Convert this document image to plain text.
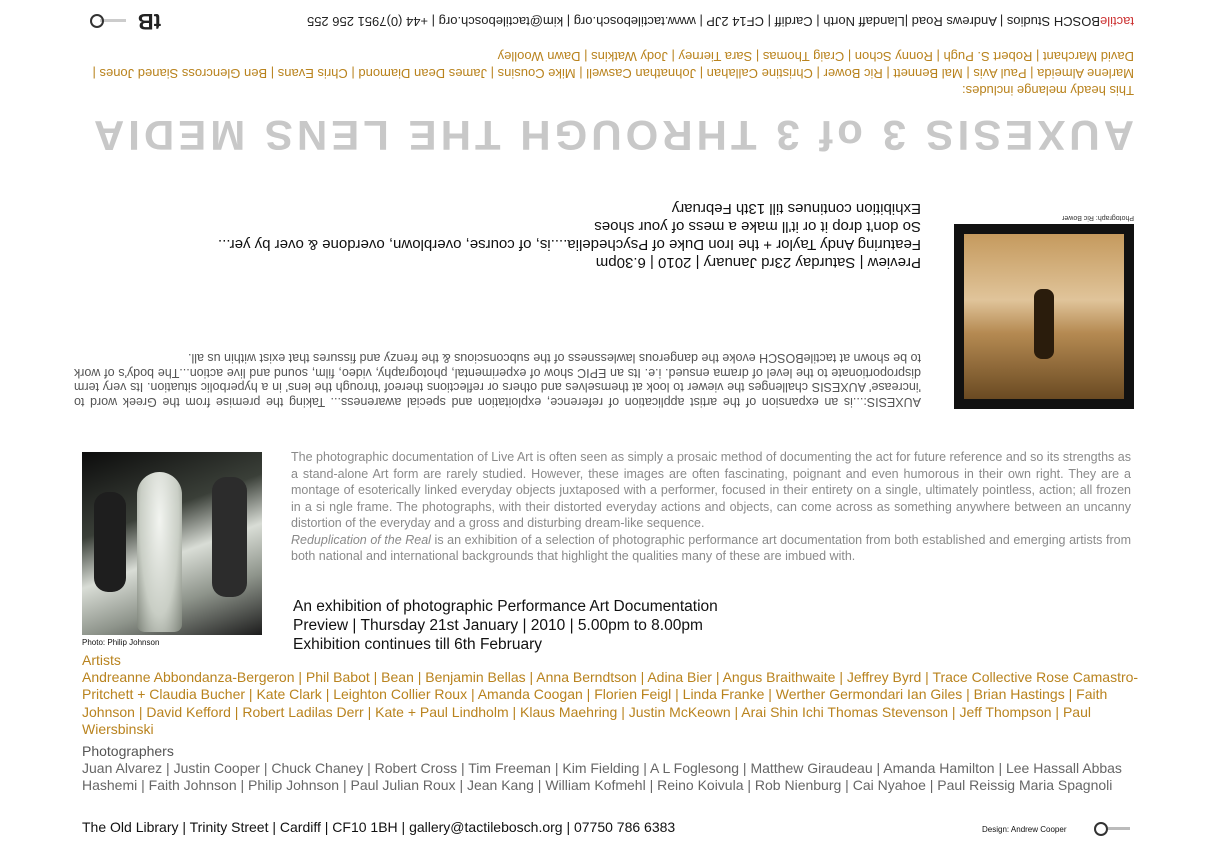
tactileBOSCH Studios | Andrews Road |Llandaff North | Cardiff | CF14 2JP | www.tactilebosch.org | kim@tactilebosch.org | +44 (0)7951 256 255
tB
This heady melange includes:
Marlene Almeida | Paul Avis | Mal Bennett | Ric Bower | Christine Callahan | Johnathan Caswell | Mike Cousins | James Dean Diamond | Chris Evans | Ben Glencross Sianed Jones | David Marchant | Robert S. Pugh | Ronny Schon | Craig Thomas | Sara Tierney | Jody Watkins | Dawn Woolley
AUXESIS 3 of 3 THROUGH THE LENS MEDIA
Preview | Saturday 23rd January | 2010 | 6.30pm
Featuring Andy Taylor + the Iron Duke of Psychedelia....is, of course, overblown, overdone & over by yer...
So don't drop it or it'll make a mess of your shoes
Exhibition continues till 13th February
AUXESIS:...is an expansion of the artist application of reference, exploitation and special awareness... Taking the premise from the Greek word to 'increase' AUXESIS challenges the viewer to look at themselves and others or reflections thereof 'through the lens' in a hyperbolic situation. Its very term disproportionate to the level of drama ensued. i.e. Its an EPIC show of experimental, photography, video, film, sound and live action...The body's of work to be shown at tactileBOSCH evoke the dangerous lawlessness of the subconscious & the frenzy and fissures that exist within us all.
Photograph: Ric Bower
Photo: Philip Johnson

The photographic documentation of Live Art is often seen as simply a prosaic method of documenting the act for future reference and so its strengths as a stand-alone Art form are rarely studied. However, these images are often fascinating, poignant and even humorous in their own right. They are a montage of esoterically linked everyday objects juxtaposed with a performer, focused in their entirety on a single, ultimately pointless, action; all frozen in a si ngle frame. The photographs, with their distorted everyday actions and objects, can come across as something anywhere between an uncanny distortion of the everyday and a gross and disturbing dream-like sequence.

Reduplication of the Real is an exhibition of a selection of photographic performance art documentation from both established and emerging artists from both national and international backgrounds that highlight the qualities many of these are imbued with.

An exhibition of photographic Performance Art Documentation
Preview | Thursday 21st January | 2010 | 5.00pm to 8.00pm
Exhibition continues till 6th February
Artists
Andreanne Abbondanza-Bergeron | Phil Babot | Bean | Benjamin Bellas | Anna Berndtson | Adina Bier | Angus Braithwaite | Jeffrey Byrd | Trace Collective Rose Camastro-Pritchett + Claudia Bucher | Kate Clark | Leighton Collier Roux | Amanda Coogan | Florien Feigl | Linda Franke | Werther Germondari Ian Giles | Brian Hastings | Faith Johnson | David Kefford | Robert Ladilas Derr | Kate + Paul Lindholm | Klaus Maehring | Justin McKeown | Arai Shin Ichi Thomas Stevenson | Jeff Thompson | Paul Wiersbinski
Photographers
Juan Alvarez | Justin Cooper | Chuck Chaney | Robert Cross | Tim Freeman | Kim Fielding | A L Foglesong | Matthew Giraudeau | Amanda Hamilton | Lee Hassall Abbas Hashemi | Faith Johnson | Philip Johnson | Paul Julian Roux | Jean Kang | William Kofmehl | Reino Koivula | Rob Nienburg | Cai Nyahoe | Paul Reissig Maria Spagnoli
The Old Library | Trinity Street | Cardiff | CF10 1BH | gallery@tactilebosch.org | 07750 786 6383	Design: Andrew Cooper
